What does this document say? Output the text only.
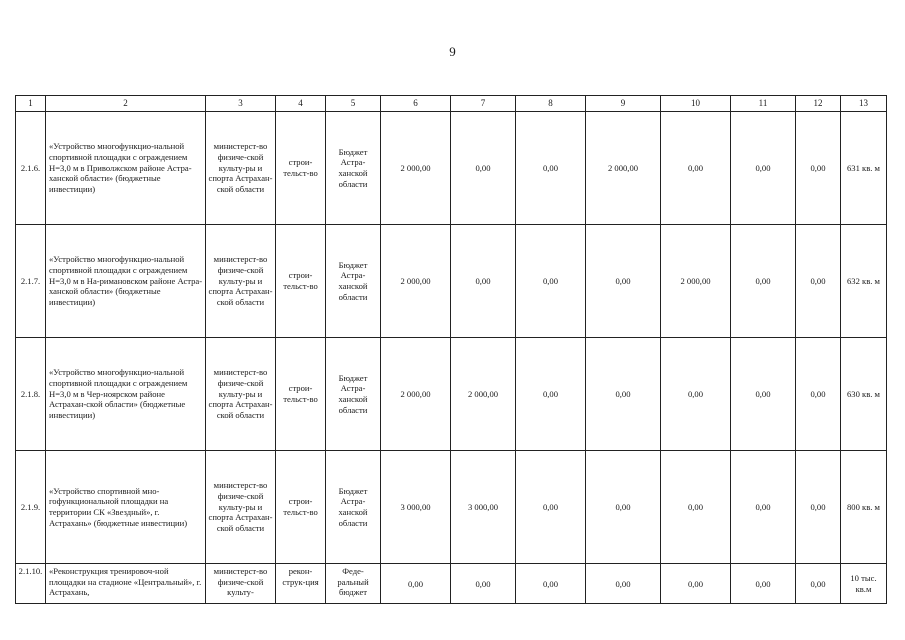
9
1	2	3	4	5	6	7	8	9	10	11	12	13
2.1.6.	«Устройство многофункцио-нальной спортивной площадки с ограждением Н=3,0 м в Приволжском районе Астра-ханской области» (бюджетные инвестиции)	министерст-во физиче-ской культу-ры и спорта Астрахан-ской области	строи-тельст-во	Бюджет Астра-ханской области	2 000,00	0,00	0,00	2 000,00	0,00	0,00	0,00	631 кв. м
2.1.7.	«Устройство многофункцио-нальной спортивной площадки с ограждением Н=3,0 м в На-римановском районе Астра-ханской области» (бюджетные инвестиции)	министерст-во физиче-ской культу-ры и спорта Астрахан-ской области	строи-тельст-во	Бюджет Астра-ханской области	2 000,00	0,00	0,00	0,00	2 000,00	0,00	0,00	632 кв. м
2.1.8.	«Устройство многофункцио-нальной спортивной площадки с ограждением Н=3,0 м в Чер-ноярском районе Астрахан-ской области» (бюджетные инвестиции)	министерст-во физиче-ской культу-ры и спорта Астрахан-ской области	строи-тельст-во	Бюджет Астра-ханской области	2 000,00	2 000,00	0,00	0,00	0,00	0,00	0,00	630 кв. м
2.1.9.	«Устройство спортивной мно-гофункциональной площадки на территории СК «Звездный», г. Астрахань» (бюджетные инвестиции)	министерст-во физиче-ской культу-ры и спорта Астрахан-ской области	строи-тельст-во	Бюджет Астра-ханской области	3 000,00	3 000,00	0,00	0,00	0,00	0,00	0,00	800 кв. м
2.1.10.	«Реконструкция тренировоч-ной площадки на стадионе «Центральный», г. Астрахань,	министерст-во физиче-ской культу-	рекон-струк-ция	Феде-ральный бюджет	0,00	0,00	0,00	0,00	0,00	0,00	0,00	10 тыс. кв.м
